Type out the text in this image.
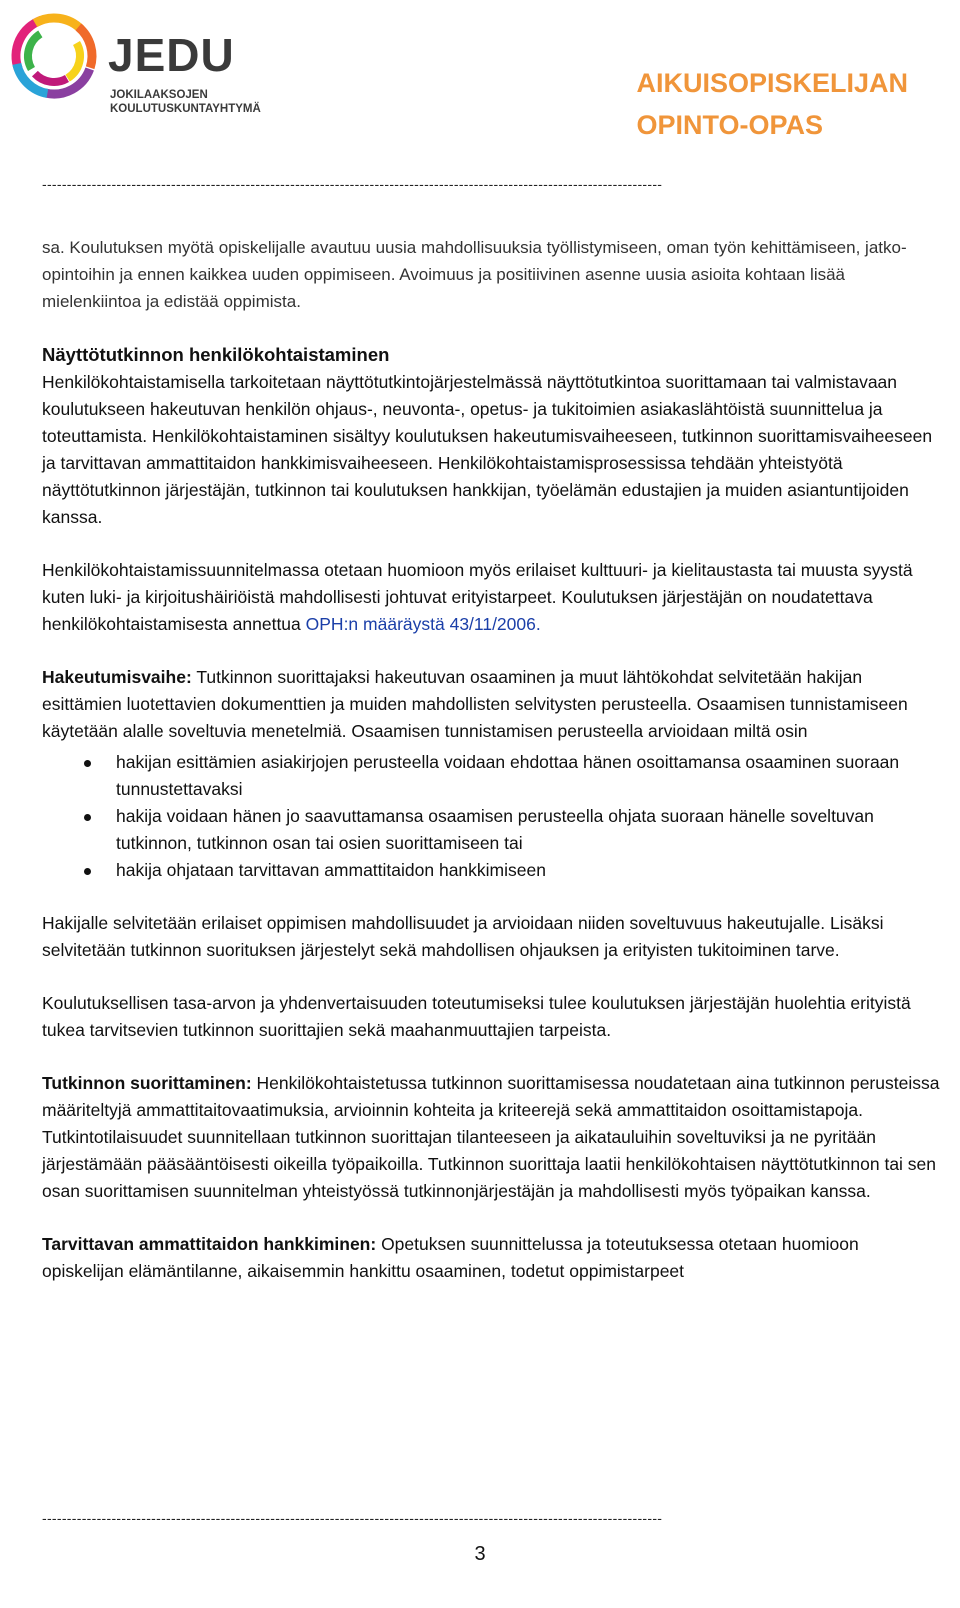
JEDU
JOKILAAKSOJEN KOULUTUSKUNTAYHTYMÄ
AIKUISOPISKELIJAN
OPINTO-OPAS
-----------------------------------------------------------------------------------------------------------------------------

sa. Koulutuksen myötä opiskelijalle avautuu uusia mahdollisuuksia työllistymiseen, oman työn kehittämiseen, jatko-opintoihin ja ennen kaikkea uuden oppimiseen. Avoimuus ja positiivinen asenne uusia asioita kohtaan lisää mielenkiintoa ja edistää oppimista.

Näyttötutkinnon henkilökohtaistaminen

Henkilökohtaistamisella tarkoitetaan näyttötutkintojärjestelmässä näyttötutkintoa suorittamaan tai valmistavaan koulutukseen hakeutuvan henkilön ohjaus-, neuvonta-, opetus- ja tukitoimien asiakaslähtöistä suunnittelua ja toteuttamista. Henkilökohtaistaminen sisältyy koulutuksen hakeutumisvaiheeseen, tutkinnon suorittamisvaiheeseen ja tarvittavan ammattitaidon hankkimisvaiheeseen. Henkilökohtaistamisprosessissa tehdään yhteistyötä näyttötutkinnon järjestäjän, tutkinnon tai koulutuksen hankkijan, työelämän edustajien ja muiden asiantuntijoiden kanssa.

Henkilökohtaistamissuunnitelmassa otetaan huomioon myös erilaiset kulttuuri- ja kielitaustasta tai muusta syystä kuten luki- ja kirjoitushäiriöistä mahdollisesti johtuvat erityistarpeet. Koulutuksen järjestäjän on noudatettava henkilökohtaistamisesta annettua OPH:n määräystä 43/11/2006.

Hakeutumisvaihe: Tutkinnon suorittajaksi hakeutuvan osaaminen ja muut lähtökohdat selvitetään hakijan esittämien luotettavien dokumenttien ja muiden mahdollisten selvitysten perusteella. Osaamisen tunnistamiseen käytetään alalle soveltuvia menetelmiä. Osaamisen tunnistamisen perusteella arvioidaan miltä osin

hakijan esittämien asiakirjojen perusteella voidaan ehdottaa hänen osoittamansa osaaminen suoraan tunnustettavaksi
hakija voidaan hänen jo saavuttamansa osaamisen perusteella ohjata suoraan hänelle soveltuvan tutkinnon, tutkinnon osan tai osien suorittamiseen tai
hakija ohjataan tarvittavan ammattitaidon hankkimiseen

Hakijalle selvitetään erilaiset oppimisen mahdollisuudet ja arvioidaan niiden soveltuvuus hakeutujalle. Lisäksi selvitetään tutkinnon suorituksen järjestelyt sekä mahdollisen ohjauksen ja erityisten tukitoiminen tarve.

Koulutuksellisen tasa-arvon ja yhdenvertaisuuden toteutumiseksi tulee koulutuksen järjestäjän huolehtia erityistä tukea tarvitsevien tutkinnon suorittajien sekä maahanmuuttajien tarpeista.

Tutkinnon suorittaminen: Henkilökohtaistetussa tutkinnon suorittamisessa noudatetaan aina tutkinnon perusteissa määriteltyjä ammattitaitovaatimuksia, arvioinnin kohteita ja kriteerejä sekä ammattitaidon osoittamistapoja. Tutkintotilaisuudet suunnitellaan tutkinnon suorittajan tilanteeseen ja aikatauluihin soveltuviksi ja ne pyritään järjestämään pääsääntöisesti oikeilla työpaikoilla. Tutkinnon suorittaja laatii henkilökohtaisen näyttötutkinnon tai sen osan suorittamisen suunnitelman yhteistyössä tutkinnonjärjestäjän ja mahdollisesti myös työpaikan kanssa.

Tarvittavan ammattitaidon hankkiminen: Opetuksen suunnittelussa ja toteutuksessa otetaan huomioon opiskelijan elämäntilanne, aikaisemmin hankittu osaaminen, todetut oppimistarpeet

-----------------------------------------------------------------------------------------------------------------------------
3
